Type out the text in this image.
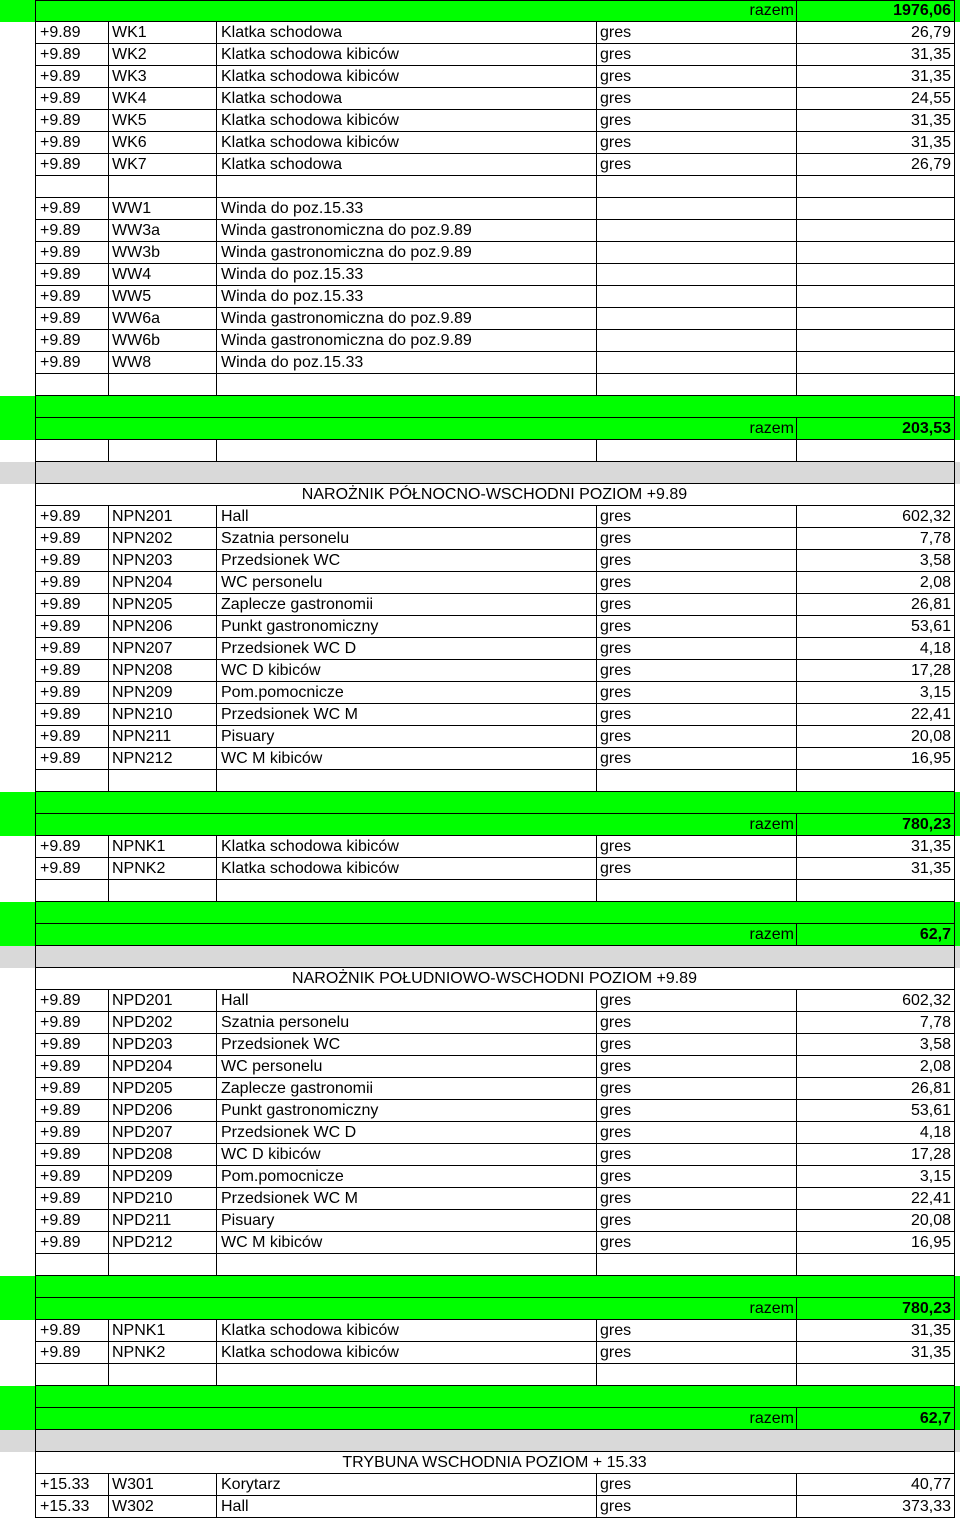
razem	1976,06
+9.89	WK1	Klatka schodowa	gres	26,79
+9.89	WK2	Klatka schodowa kibiców	gres	31,35
+9.89	WK3	Klatka schodowa kibiców	gres	31,35
+9.89	WK4	Klatka schodowa	gres	24,55
+9.89	WK5	Klatka schodowa kibiców	gres	31,35
+9.89	WK6	Klatka schodowa kibiców	gres	31,35
+9.89	WK7	Klatka schodowa	gres	26,79
+9.89	WW1	Winda do poz.15.33
+9.89	WW3a	Winda gastronomiczna do poz.9.89
+9.89	WW3b	Winda gastronomiczna do poz.9.89
+9.89	WW4	Winda do poz.15.33
+9.89	WW5	Winda do poz.15.33
+9.89	WW6a	Winda gastronomiczna do poz.9.89
+9.89	WW6b	Winda gastronomiczna do poz.9.89
+9.89	WW8	Winda do poz.15.33
razem	203,53
NAROŻNIK PÓŁNOCNO-WSCHODNI POZIOM +9.89
+9.89	NPN201	Hall	gres	602,32
+9.89	NPN202	Szatnia personelu	gres	7,78
+9.89	NPN203	Przedsionek WC	gres	3,58
+9.89	NPN204	WC personelu	gres	2,08
+9.89	NPN205	Zaplecze gastronomii	gres	26,81
+9.89	NPN206	Punkt gastronomiczny	gres	53,61
+9.89	NPN207	Przedsionek WC D	gres	4,18
+9.89	NPN208	WC D kibiców	gres	17,28
+9.89	NPN209	Pom.pomocnicze	gres	3,15
+9.89	NPN210	Przedsionek WC M	gres	22,41
+9.89	NPN211	Pisuary	gres	20,08
+9.89	NPN212	WC M kibiców	gres	16,95
razem	780,23
+9.89	NPNK1	Klatka schodowa kibiców	gres	31,35
+9.89	NPNK2	Klatka schodowa kibiców	gres	31,35
razem	62,7
NAROŻNIK POŁUDNIOWO-WSCHODNI POZIOM +9.89
+9.89	NPD201	Hall	gres	602,32
+9.89	NPD202	Szatnia personelu	gres	7,78
+9.89	NPD203	Przedsionek WC	gres	3,58
+9.89	NPD204	WC personelu	gres	2,08
+9.89	NPD205	Zaplecze gastronomii	gres	26,81
+9.89	NPD206	Punkt gastronomiczny	gres	53,61
+9.89	NPD207	Przedsionek WC D	gres	4,18
+9.89	NPD208	WC D kibiców	gres	17,28
+9.89	NPD209	Pom.pomocnicze	gres	3,15
+9.89	NPD210	Przedsionek WC M	gres	22,41
+9.89	NPD211	Pisuary	gres	20,08
+9.89	NPD212	WC M kibiców	gres	16,95
razem	780,23
+9.89	NPNK1	Klatka schodowa kibiców	gres	31,35
+9.89	NPNK2	Klatka schodowa kibiców	gres	31,35
razem	62,7
TRYBUNA WSCHODNIA POZIOM + 15.33
+15.33	W301	Korytarz	gres	40,77
+15.33	W302	Hall	gres	373,33
